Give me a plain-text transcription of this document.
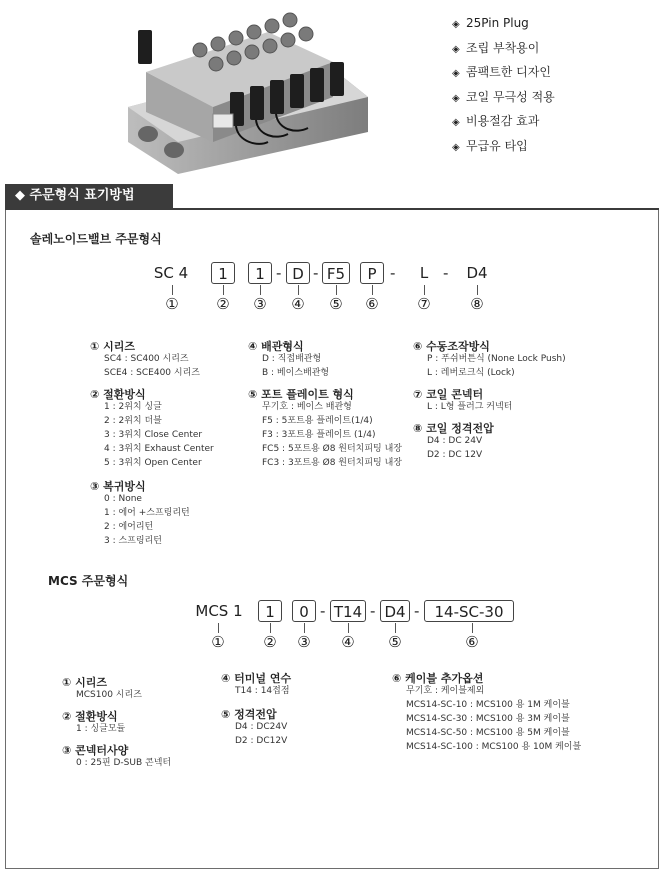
◈ 25Pin Plug
◈ 조립 부착용이
◈ 콤팩트한 디자인
◈ 코일 무극성 적용
◈ 비용절감 효과
◈ 무급유 타입
◆ 주문형식 표기방법
솔레노이드밸브 주문형식
SC 4	1	1 - D - F5	P -	L - D4
①	② ③ ④ ⑤ ⑥	⑦	⑧
① 시리즈
SC4 : SC400 시리즈
SCE4 : SCE400 시리즈
② 절환방식
1 : 2위치 싱글
2 : 2위치 더블
3 : 3위치 Close Center
4 : 3위치 Exhaust Center
5 : 3위치 Open Center
③ 복귀방식
0 : None
1 : 에어 +스프링리턴
2 : 에어리턴
3 : 스프링리턴
④ 배관형식
D : 직접배관형
B : 베이스배관형
⑤ 포트 플레이트 형식
무기호 : 베이스 배관형
F5 : 5포트용 플레이트(1/4)
F3 : 3포트용 플레이트 (1/4)
FC5 : 5포트용 Ø8 원터치피팅 내장
FC3 : 3포트용 Ø8 원터치피팅 내장
⑥ 수동조작방식
P : 푸쉬버튼식 (None Lock Push)
L : 레버로크식 (Lock)
⑦ 코일 콘넥터
L : L형 플러그 커넥터
⑧ 코일 정격전압
D4 : DC 24V
D2 : DC 12V
MCS 주문형식
MCS 1	1	0 - T14 - D4 -	14-SC-30
①	② ③ ④ ⑤	⑥
① 시리즈
MCS100 시리즈
② 절환방식
1 : 싱글모듈
③ 콘넥터사양
0 : 25핀 D-SUB 콘넥터
④ 터미널 연수
T14 : 14접점
⑤ 정격전압
D4 : DC24V
D2 : DC12V
⑥ 케이블 추가옵션
무기호 : 케이블제외
MCS14-SC-10 : MCS100 용 1M 케이블
MCS14-SC-30 : MCS100 용 3M 케이블
MCS14-SC-50 : MCS100 용 5M 케이블
MCS14-SC-100 : MCS100 용 10M 케이블
